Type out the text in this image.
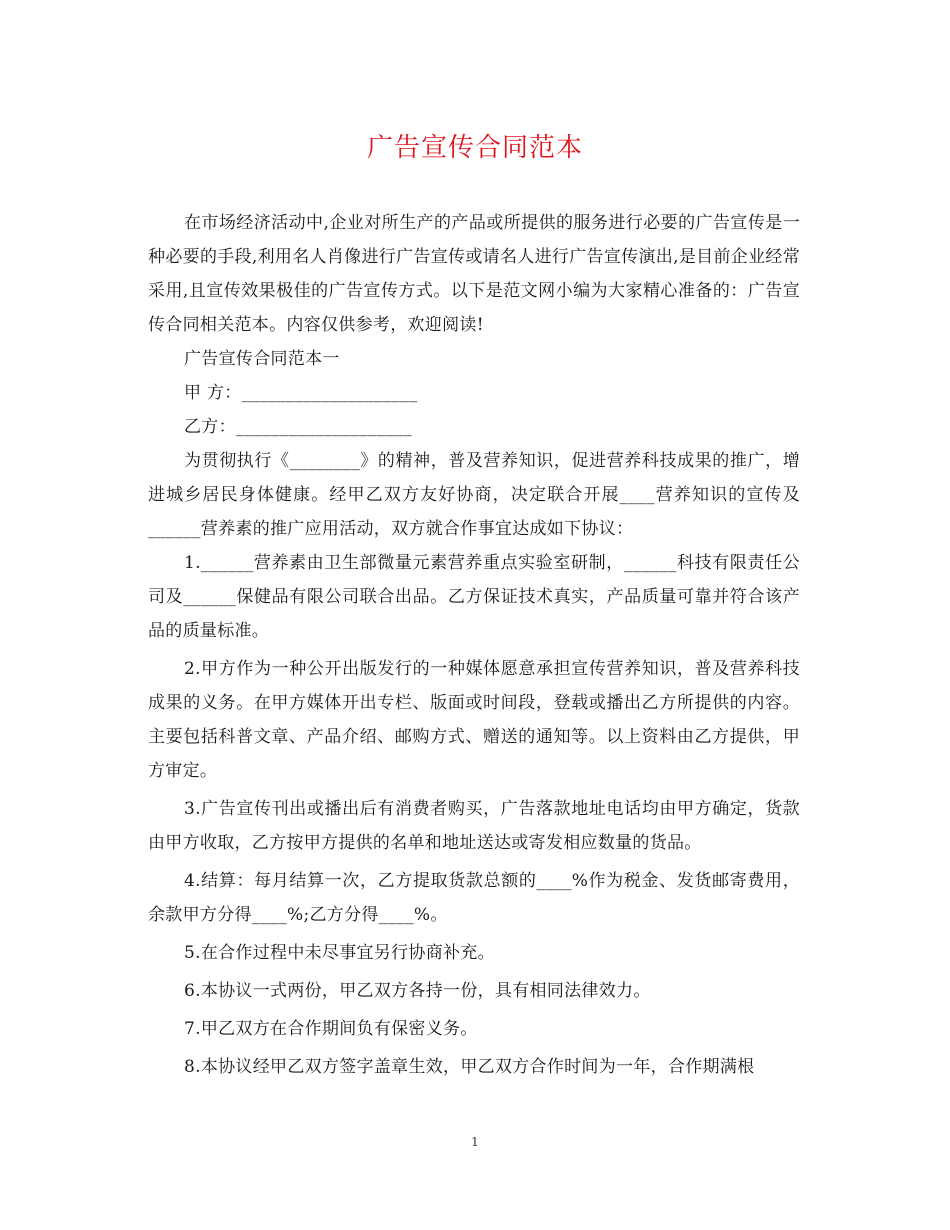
广告宣传合同范本

在市场经济活动中,企业对所生产的产品或所提供的服务进行必要的广告宣传是一种必要的手段,利用名人肖像进行广告宣传或请名人进行广告宣传演出,是目前企业经常采用,且宣传效果极佳的广告宣传方式。以下是范文网小编为大家精心准备的：广告宣传合同相关范本。内容仅供参考，欢迎阅读!

广告宣传合同范本一

甲 方：____________________

乙方：____________________

为贯彻执行《________》的精神，普及营养知识，促进营养科技成果的推广，增进城乡居民身体健康。经甲乙双方友好协商，决定联合开展____营养知识的宣传及______营养素的推广应用活动，双方就合作事宜达成如下协议：

1.______营养素由卫生部微量元素营养重点实验室研制，______科技有限责任公司及______保健品有限公司联合出品。乙方保证技术真实，产品质量可靠并符合该产品的质量标准。

2.甲方作为一种公开出版发行的一种媒体愿意承担宣传营养知识，普及营养科技成果的义务。在甲方媒体开出专栏、版面或时间段，登载或播出乙方所提供的内容。主要包括科普文章、产品介绍、邮购方式、赠送的通知等。以上资料由乙方提供，甲方审定。

3.广告宣传刊出或播出后有消费者购买，广告落款地址电话均由甲方确定，货款由甲方收取，乙方按甲方提供的名单和地址送达或寄发相应数量的货品。

4.结算：每月结算一次，乙方提取货款总额的____%作为税金、发货邮寄费用，余款甲方分得____%;乙方分得____%。

5.在合作过程中未尽事宜另行协商补充。

6.本协议一式两份，甲乙双方各持一份，具有相同法律效力。

7.甲乙双方在合作期间负有保密义务。

8.本协议经甲乙双方签字盖章生效，甲乙双方合作时间为一年，合作期满根

1
